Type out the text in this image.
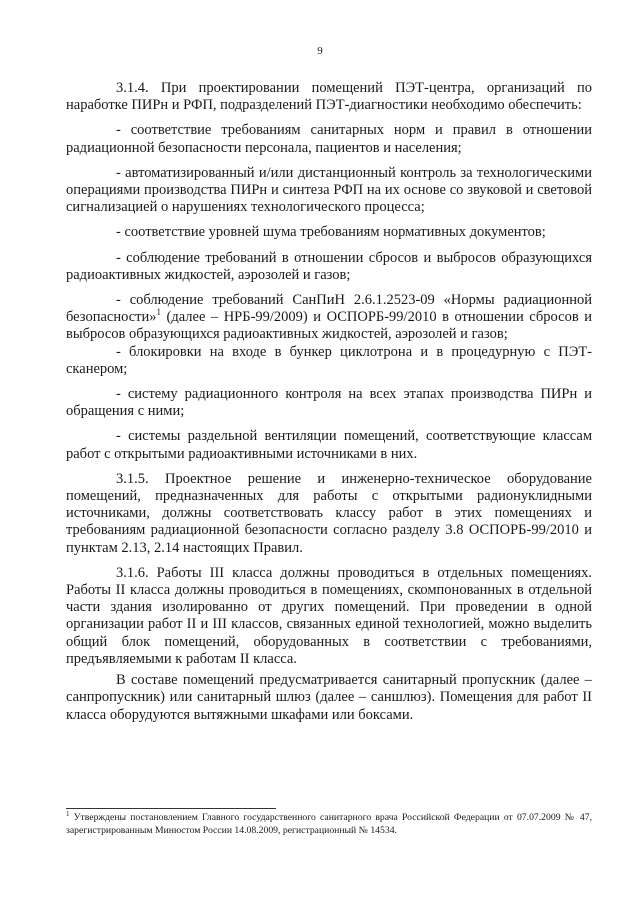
9

3.1.4. При проектировании помещений ПЭТ-центра, организаций по наработке ПИРн и РФП, подразделений ПЭТ-диагностики необходимо обеспечить:

- соответствие требованиям санитарных норм и правил в отношении радиационной безопасности персонала, пациентов и населения;

- автоматизированный и/или дистанционный контроль за технологическими операциями производства ПИРн и синтеза РФП на их основе со звуковой и световой сигнализацией о нарушениях технологического процесса;

- соответствие уровней шума требованиям нормативных документов;

- соблюдение требований в отношении сбросов и выбросов образующихся радиоактивных жидкостей, аэрозолей и газов;

- соблюдение требований СанПиН 2.6.1.2523-09 «Нормы радиационной безопасности»$^1$ (далее – НРБ-99/2009) и ОСПОРБ-99/2010 в отношении сбросов и выбросов образующихся радиоактивных жидкостей, аэрозолей и газов;

- блокировки на входе в бункер циклотрона и в процедурную с ПЭТ-сканером;

- систему радиационного контроля на всех этапах производства ПИРн и обращения с ними;

- системы раздельной вентиляции помещений, соответствующие классам работ с открытыми радиоактивными источниками в них.

3.1.5. Проектное решение и инженерно-техническое оборудование помещений, предназначенных для работы с открытыми радионуклидными источниками, должны соответствовать классу работ в этих помещениях и требованиям радиационной безопасности согласно разделу 3.8 ОСПОРБ-99/2010 и пунктам 2.13, 2.14 настоящих Правил.

3.1.6. Работы III класса должны проводиться в отдельных помещениях. Работы II класса должны проводиться в помещениях, скомпонованных в отдельной части здания изолированно от других помещений. При проведении в одной организации работ II и III классов, связанных единой технологией, можно выделить общий блок помещений, оборудованных в соответствии с требованиями, предъявляемыми к работам II класса.

В составе помещений предусматривается санитарный пропускник (далее – санпропускник) или санитарный шлюз (далее – саншлюз). Помещения для работ II класса оборудуются вытяжными шкафами или боксами.

$^1$ Утверждены постановлением Главного государственного санитарного врача Российской Федерации от 07.07.2009 № 47, зарегистрированным Минюстом России 14.08.2009, регистрационный № 14534.
